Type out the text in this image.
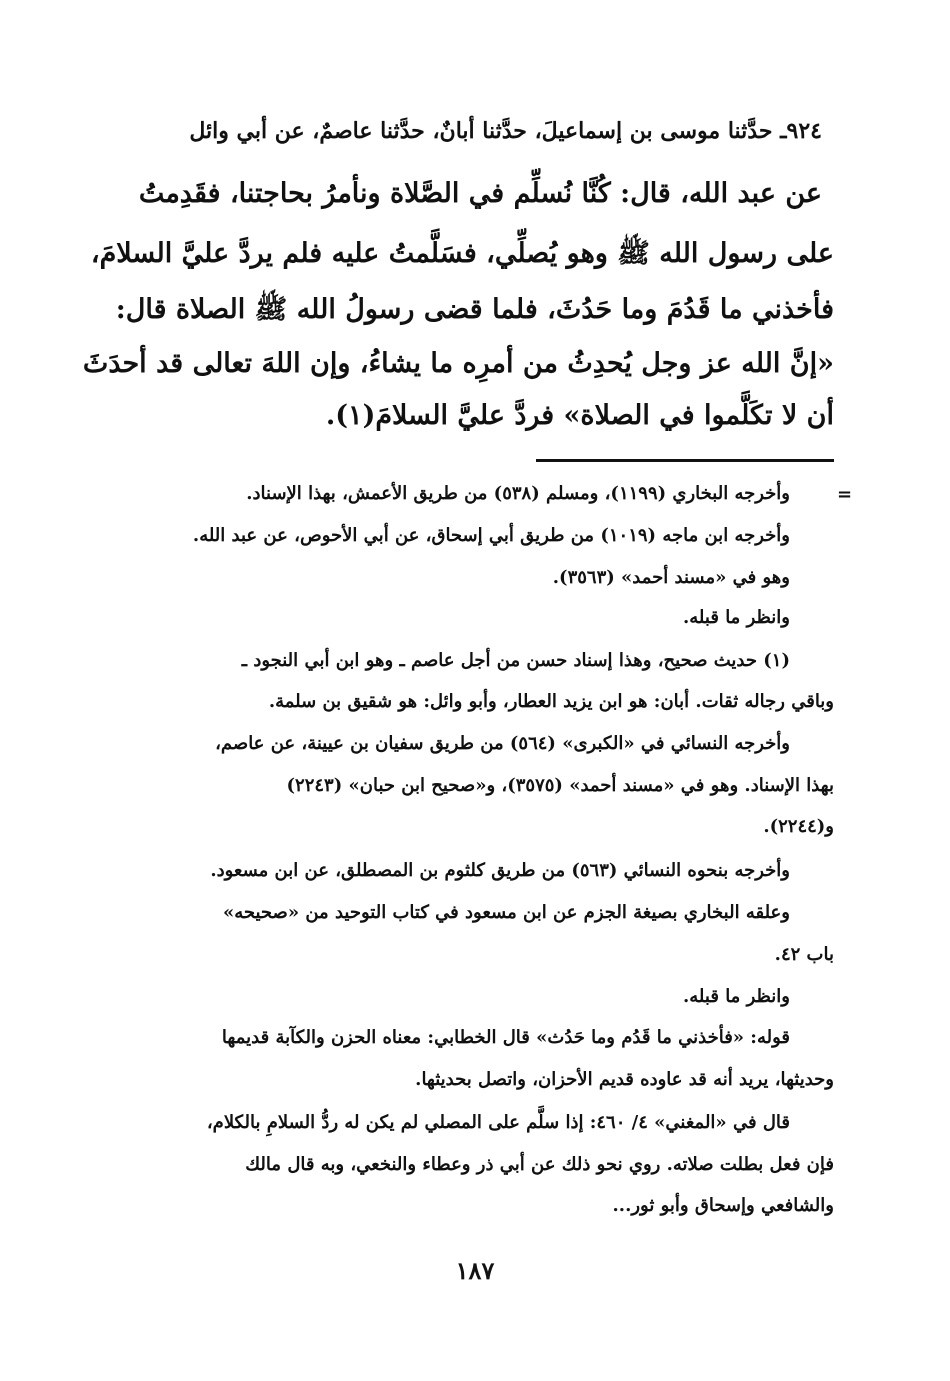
٩٢٤ـ حدَّثنا موسى بن إسماعيلَ، حدَّثنا أبانٌ، حدَّثنا عاصمٌ، عن أبي وائل
عن عبد الله، قال: كُنَّا نُسلِّم في الصَّلاة ونأمرُ بحاجتنا، فقَدِمتُ
على رسول الله ﷺ وهو يُصلِّي، فسَلَّمتُ عليه فلم يردَّ عليَّ السلامَ،
فأخذني ما قَدُمَ وما حَدُثَ، فلما قضى رسولُ الله ﷺ الصلاة قال:
«إنَّ الله عز وجل يُحدِثُ من أمرِه ما يشاءُ، وإن اللهَ تعالى قد أحدَثَ
أن لا تكَلَّموا في الصلاة» فردَّ عليَّ السلامَ(١).
=
وأخرجه البخاري (١١٩٩)، ومسلم (٥٣٨) من طريق الأعمش، بهذا الإسناد.
وأخرجه ابن ماجه (١٠١٩) من طريق أبي إسحاق، عن أبي الأحوص، عن عبد الله.
وهو في «مسند أحمد» (٣٥٦٣).
وانظر ما قبله.
(١) حديث صحيح، وهذا إسناد حسن من أجل عاصم ـ وهو ابن أبي النجود ـ
وباقي رجاله ثقات. أبان: هو ابن يزيد العطار، وأبو وائل: هو شقيق بن سلمة.
وأخرجه النسائي في «الكبرى» (٥٦٤) من طريق سفيان بن عيينة، عن عاصم،
بهذا الإسناد. وهو في «مسند أحمد» (٣٥٧٥)، و«صحيح ابن حبان» (٢٢٤٣)
و(٢٢٤٤).
وأخرجه بنحوه النسائي (٥٦٣) من طريق كلثوم بن المصطلق، عن ابن مسعود.
وعلقه البخاري بصيغة الجزم عن ابن مسعود في كتاب التوحيد من «صحيحه»
باب ٤٢.
وانظر ما قبله.
قوله: «فأخذني ما قَدُم وما حَدُث» قال الخطابي: معناه الحزن والكآبة قديمها
وحديثها، يريد أنه قد عاوده قديم الأحزان، واتصل بحديثها.
قال في «المغني» ٤/ ٤٦٠: إذا سلَّم على المصلي لم يكن له ردُّ السلامِ بالكلام،
فإن فعل بطلت صلاته. روي نحو ذلك عن أبي ذر وعطاء والنخعي، وبه قال مالك
والشافعي وإسحاق وأبو ثور...
١٨٧
